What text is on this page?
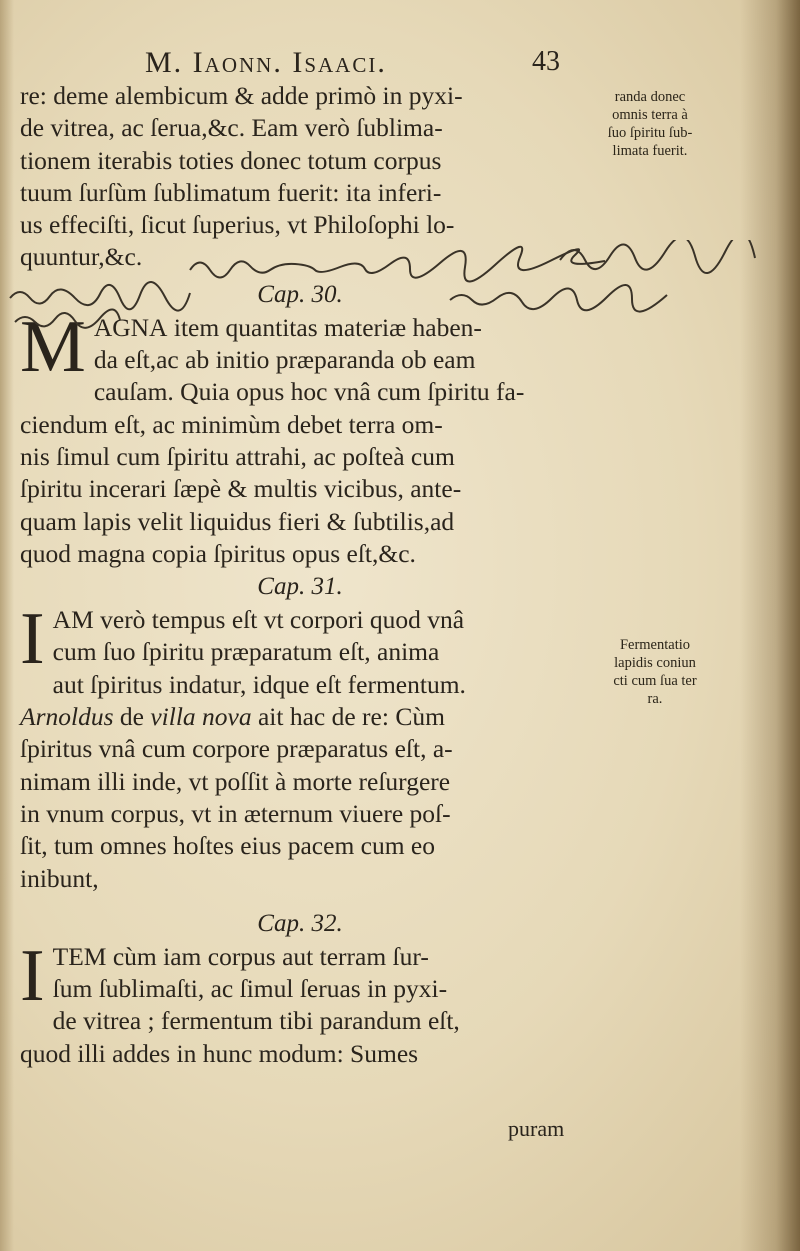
M. Iaonn. Isaaci.	43
re: deme alembicum & adde primò in pyxi-
de vitrea, ac ſerua,&c. Eam verò ſublima-
tionem iterabis toties donec totum corpus
tuum ſurſùm ſublimatum fuerit: ita inferi-
us effeciſti, ſicut ſuperius, vt Philoſophi lo-
quuntur,&c.
Cap. 30.
M AGNA item quantitas materiæ haben-
da eſt,ac ab initio præparanda ob eam
cauſam. Quia opus hoc vnâ cum ſpiritu fa-
ciendum eſt, ac minimùm debet terra om-
nis ſimul cum ſpiritu attrahi, ac poſteà cum
ſpiritu incerari ſæpè & multis vicibus, ante-
quam lapis velit liquidus fieri & ſubtilis,ad
quod magna copia ſpiritus opus eſt,&c.
Cap. 31.
I AM verò tempus eſt vt corpori quod vnâ
cum ſuo ſpiritu præparatum eſt, anima
aut ſpiritus indatur, idque eſt fermentum.
Arnoldus de villa nova ait hac de re: Cùm
ſpiritus vnâ cum corpore præparatus eſt, a-
nimam illi inde, vt poſſit à morte reſurgere
in vnum corpus, vt in æternum viuere poſ-
ſit, tum omnes hoſtes eius pacem cum eo
inibunt,
Cap. 32.
I TEM cùm iam corpus aut terram ſur-
ſum ſublimaſti, ac ſimul ſeruas in pyxi-
de vitrea ; fermentum tibi parandum eſt,
quod illi addes in hunc modum: Sumes
puram
randa donec
omnis terra à
ſuo ſpiritu ſub-
limata fuerit.
Fermentatio
lapidis coniun
cti cum ſua ter
ra.
